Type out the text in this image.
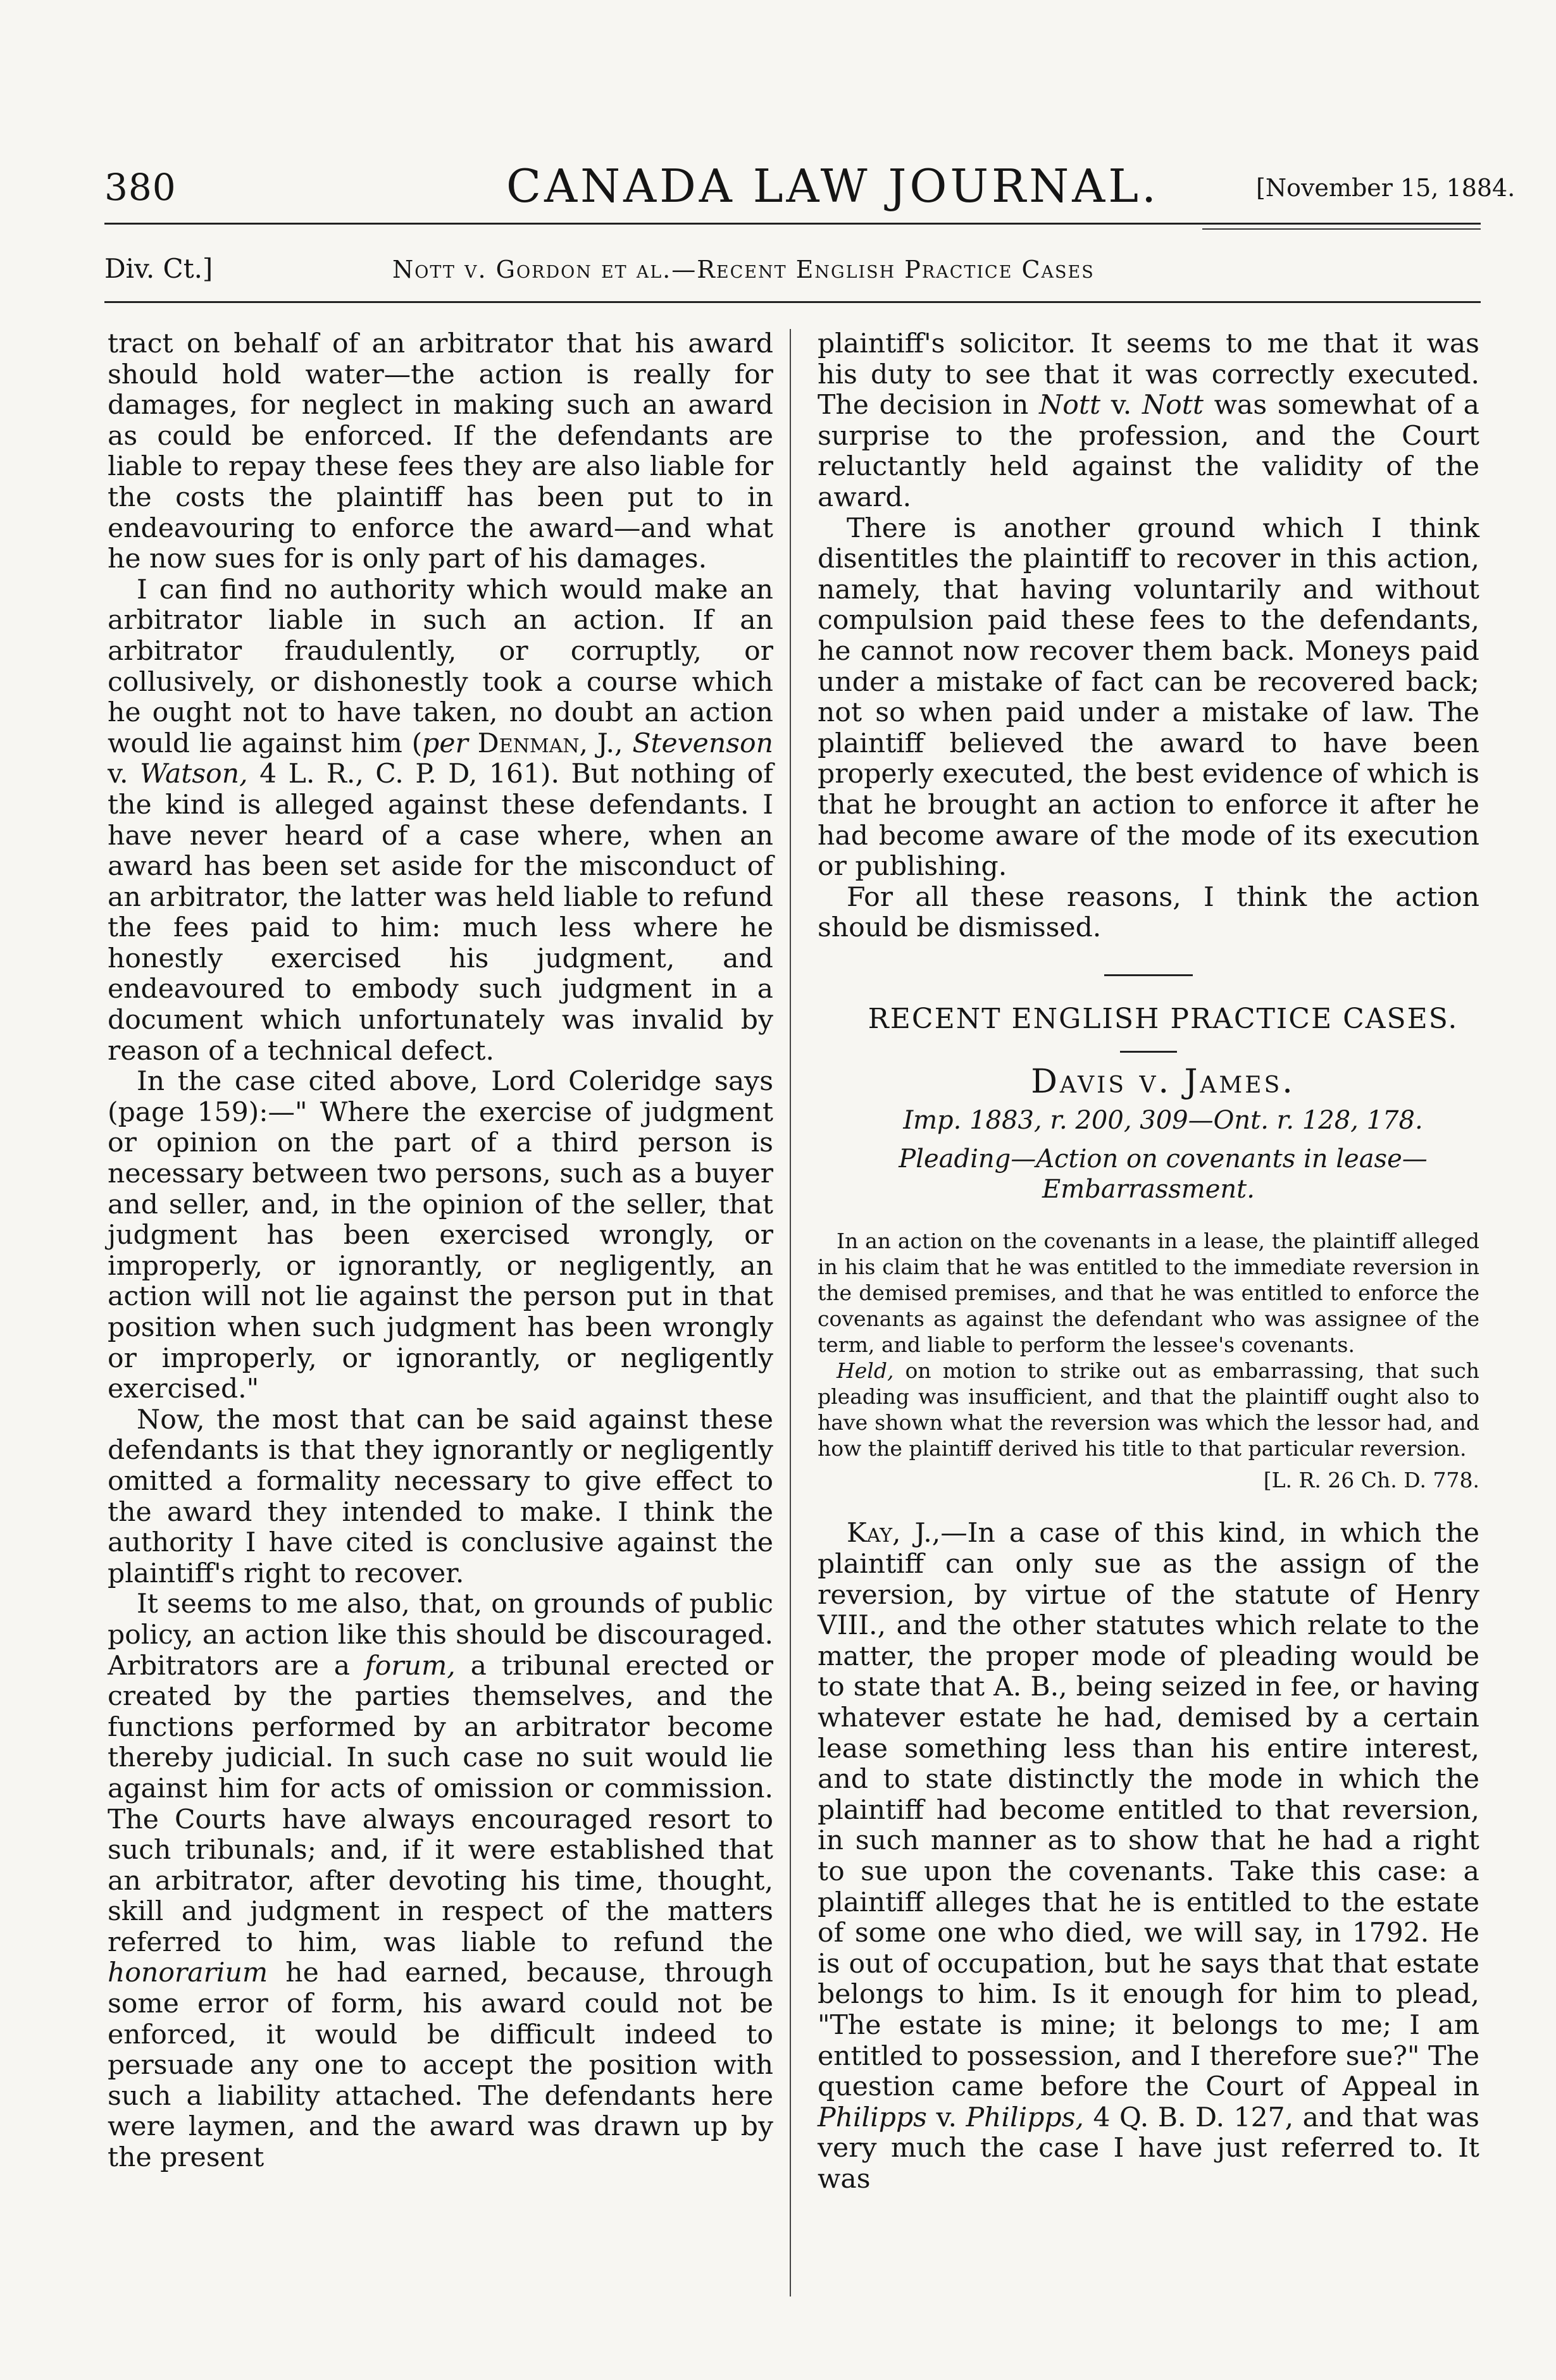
380	CANADA LAW JOURNAL.	[November 15, 1884.
Div. Ct.]	Nott v. Gordon et al.—Recent English Practice Cases

tract on behalf of an arbitrator that his award should hold water—the action is really for damages, for neglect in making such an award as could be enforced. If the defendants are liable to repay these fees they are also liable for the costs the plaintiff has been put to in endeavouring to enforce the award—and what he now sues for is only part of his damages.

I can find no authority which would make an arbitrator liable in such an action. If an arbitrator fraudulently, or corruptly, or collusively, or dishonestly took a course which he ought not to have taken, no doubt an action would lie against him (per Denman, J., Stevenson v. Watson, 4 L. R., C. P. D, 161). But nothing of the kind is alleged against these defendants. I have never heard of a case where, when an award has been set aside for the misconduct of an arbitrator, the latter was held liable to refund the fees paid to him: much less where he honestly exercised his judgment, and endeavoured to embody such judgment in a document which unfortunately was invalid by reason of a technical defect.

In the case cited above, Lord Coleridge says (page 159):—" Where the exercise of judgment or opinion on the part of a third person is necessary between two persons, such as a buyer and seller, and, in the opinion of the seller, that judgment has been exercised wrongly, or improperly, or ignorantly, or negligently, an action will not lie against the person put in that position when such judgment has been wrongly or improperly, or ignorantly, or negligently exercised."

Now, the most that can be said against these defendants is that they ignorantly or negligently omitted a formality necessary to give effect to the award they intended to make. I think the authority I have cited is conclusive against the plaintiff's right to recover.

It seems to me also, that, on grounds of public policy, an action like this should be discouraged. Arbitrators are a forum, a tribunal erected or created by the parties themselves, and the functions performed by an arbitrator become thereby judicial. In such case no suit would lie against him for acts of omission or commission. The Courts have always encouraged resort to such tribunals; and, if it were established that an arbitrator, after devoting his time, thought, skill and judgment in respect of the matters referred to him, was liable to refund the honorarium he had earned, because, through some error of form, his award could not be enforced, it would be difficult indeed to persuade any one to accept the position with such a liability attached. The defendants here were laymen, and the award was drawn up by the present

plaintiff's solicitor. It seems to me that it was his duty to see that it was correctly executed. The decision in Nott v. Nott was somewhat of a surprise to the profession, and the Court reluctantly held against the validity of the award.

There is another ground which I think disentitles the plaintiff to recover in this action, namely, that having voluntarily and without compulsion paid these fees to the defendants, he cannot now recover them back. Moneys paid under a mistake of fact can be recovered back; not so when paid under a mistake of law. The plaintiff believed the award to have been properly executed, the best evidence of which is that he brought an action to enforce it after he had become aware of the mode of its execution or publishing.

For all these reasons, I think the action should be dismissed.

RECENT ENGLISH PRACTICE CASES.

Davis v. James.

Imp. 1883, r. 200, 309—Ont. r. 128, 178.

Pleading—Action on covenants in lease—Embarrassment.

In an action on the covenants in a lease, the plaintiff alleged in his claim that he was entitled to the immediate reversion in the demised premises, and that he was entitled to enforce the covenants as against the defendant who was assignee of the term, and liable to perform the lessee's covenants.

Held, on motion to strike out as embarrassing, that such pleading was insufficient, and that the plaintiff ought also to have shown what the reversion was which the lessor had, and how the plaintiff derived his title to that particular reversion.

[L. R. 26 Ch. D. 778.

Kay, J.,—In a case of this kind, in which the plaintiff can only sue as the assign of the reversion, by virtue of the statute of Henry VIII., and the other statutes which relate to the matter, the proper mode of pleading would be to state that A. B., being seized in fee, or having whatever estate he had, demised by a certain lease something less than his entire interest, and to state distinctly the mode in which the plaintiff had become entitled to that reversion, in such manner as to show that he had a right to sue upon the covenants. Take this case: a plaintiff alleges that he is entitled to the estate of some one who died, we will say, in 1792. He is out of occupation, but he says that that estate belongs to him. Is it enough for him to plead, "The estate is mine; it belongs to me; I am entitled to possession, and I therefore sue?" The question came before the Court of Appeal in Philipps v. Philipps, 4 Q. B. D. 127, and that was very much the case I have just referred to. It was
